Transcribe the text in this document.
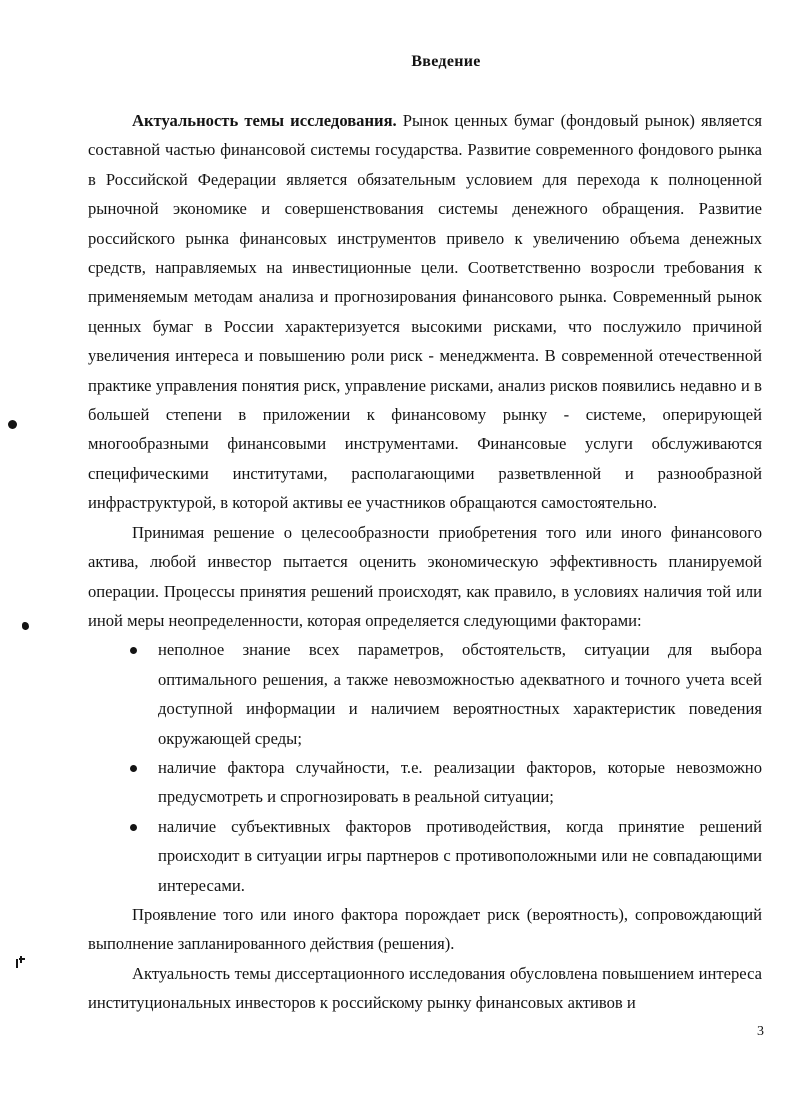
Введение

Актуальность темы исследования. Рынок ценных бумаг (фондовый рынок) является составной частью финансовой системы государства. Развитие современного фондового рынка в Российской Федерации является обязательным условием для перехода к полноценной рыночной экономике и совершенствования системы денежного обращения. Развитие российского рынка финансовых инструментов привело к увеличению объема денежных средств, направляемых на инвестиционные цели. Соответственно возросли требования к применяемым методам анализа и прогнозирования финансового рынка. Современный рынок ценных бумаг в России характеризуется высокими рисками, что послужило причиной увеличения интереса и повышению роли риск - менеджмента. В современной отечественной практике управления понятия риск, управление рисками, анализ рисков появились недавно и в большей степени в приложении к финансовому рынку - системе, оперирующей многообразными финансовыми инструментами. Финансовые услуги обслуживаются специфическими институтами, располагающими разветвленной и разнообразной инфраструктурой, в которой активы ее участников обращаются самостоятельно.

Принимая решение о целесообразности приобретения того или иного финансового актива, любой инвестор пытается оценить экономическую эффективность планируемой операции. Процессы принятия решений происходят, как правило, в условиях наличия той или иной меры неопределенности, которая определяется следующими факторами:

неполное знание всех параметров, обстоятельств, ситуации для выбора оптимального решения, а также невозможностью адекватного и точного учета всей доступной информации и наличием вероятностных характеристик поведения окружающей среды;
наличие фактора случайности, т.е. реализации факторов, которые невозможно предусмотреть и спрогнозировать в реальной ситуации;
наличие субъективных факторов противодействия, когда принятие решений происходит в ситуации игры партнеров с противоположными или не совпадающими интересами.

Проявление того или иного фактора порождает риск (вероятность), сопровождающий выполнение запланированного действия (решения).

Актуальность темы диссертационного исследования обусловлена повышением интереса институциональных инвесторов к российскому рынку финансовых активов и

3
